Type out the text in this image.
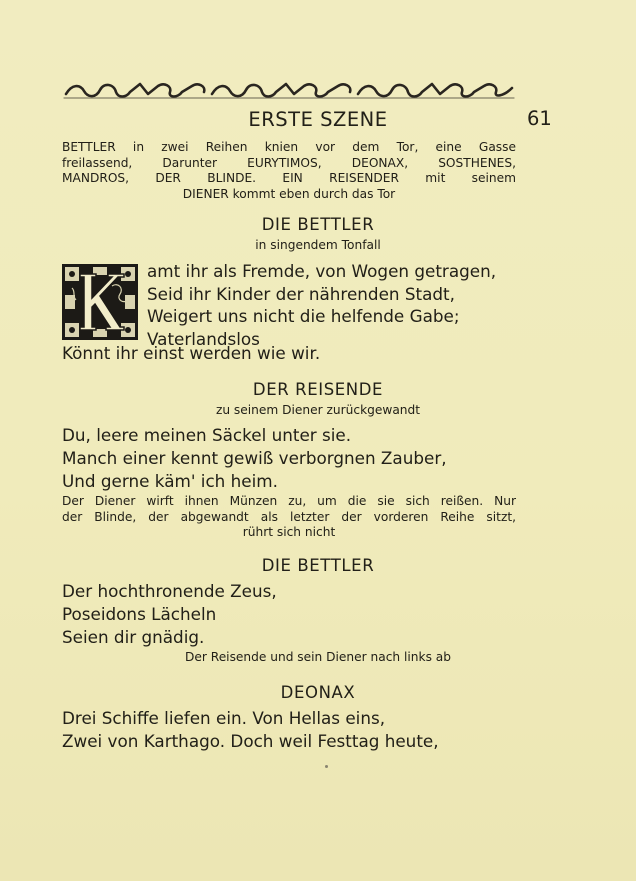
ERSTE SZENE	61
BETTLER in zwei Reihen knien vor dem Tor, eine Gasse
freilassend, Darunter EURYTIMOS, DEONAX, SOSTHENES,
MANDROS, DER BLINDE. EIN REISENDER mit seinem
DIENER kommt eben durch das Tor
DIE BETTLER
in singendem Tonfall
amt ihr als Fremde, von Wogen getragen,
Seid ihr Kinder der nährenden Stadt,
Weigert uns nicht die helfende Gabe;
Vaterlandslos
Könnt ihr einst werden wie wir.
DER REISENDE
zu seinem Diener zurückgewandt
Du, leere meinen Säckel unter sie.
Manch einer kennt gewiß verborgnen Zauber,
Und gerne käm' ich heim.
Der Diener wirft ihnen Münzen zu, um die sie sich reißen. Nur
der Blinde, der abgewandt als letzter der vorderen Reihe sitzt,
rührt sich nicht
DIE BETTLER
Der hochthronende Zeus,
Poseidons Lächeln
Seien dir gnädig.
Der Reisende und sein Diener nach links ab
DEONAX
Drei Schiffe liefen ein. Von Hellas eins,
Zwei von Karthago. Doch weil Festtag heute,
